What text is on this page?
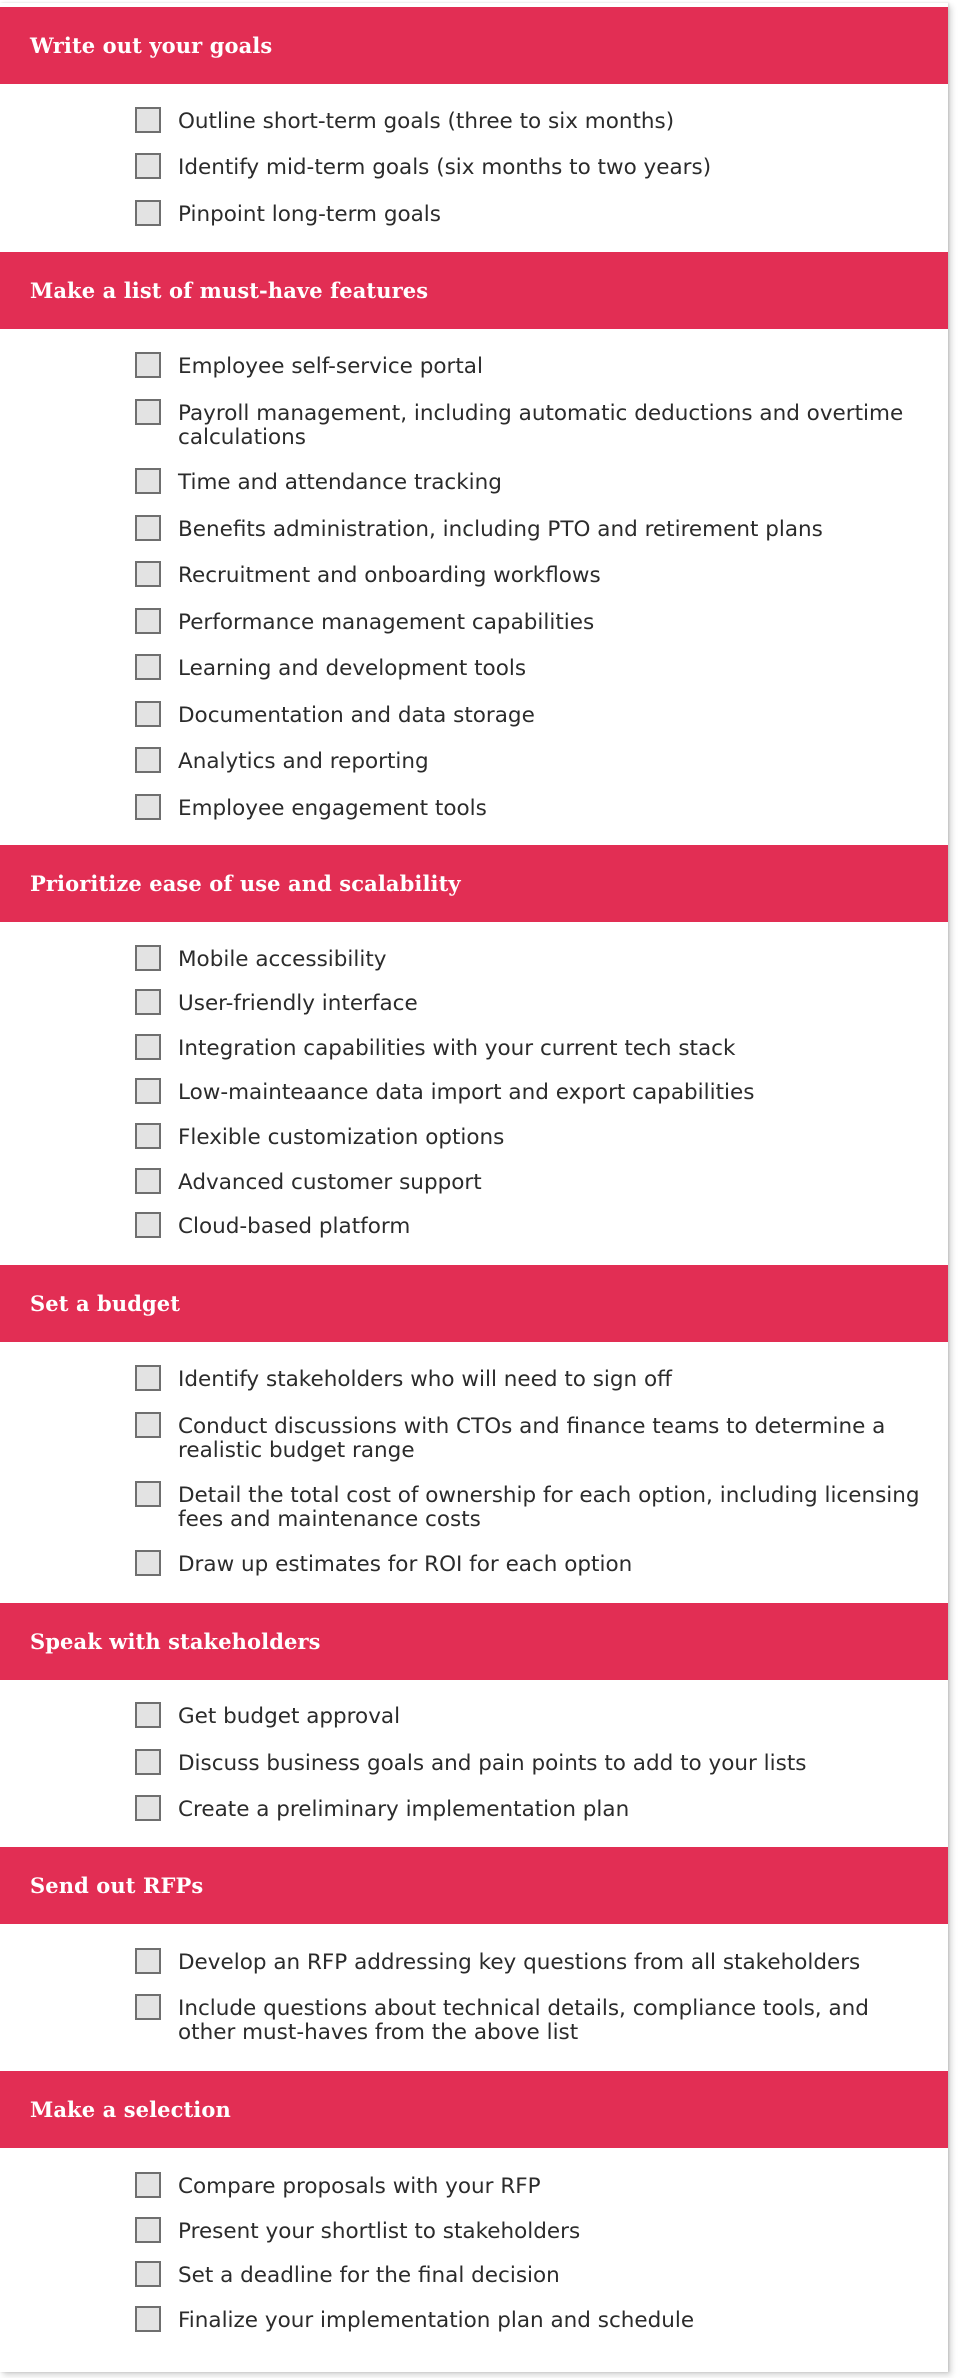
Write out your goals
Outline short-term goals (three to six months)
Identify mid-term goals (six months to two years)
Pinpoint long-term goals
Make a list of must-have features
Employee self-service portal
Payroll management, including automatic deductions and overtime calculations
Time and attendance tracking
Benefits administration, including PTO and retirement plans
Recruitment and onboarding workflows
Performance management capabilities
Learning and development tools
Documentation and data storage
Analytics and reporting
Employee engagement tools
Prioritize ease of use and scalability
Mobile accessibility
User-friendly interface
Integration capabilities with your current tech stack
Low-mainteaance data import and export capabilities
Flexible customization options
Advanced customer support
Cloud-based platform
Set a budget
Identify stakeholders who will need to sign off
Conduct discussions with CTOs and finance teams to determine a realistic budget range
Detail the total cost of ownership for each option, including licensing fees and maintenance costs
Draw up estimates for ROI for each option
Speak with stakeholders
Get budget approval
Discuss business goals and pain points to add to your lists
Create a preliminary implementation plan
Send out RFPs
Develop an RFP addressing key questions from all stakeholders
Include questions about technical details, compliance tools, and other must-haves from the above list
Make a selection
Compare proposals with your RFP
Present your shortlist to stakeholders
Set a deadline for the final decision
Finalize your implementation plan and schedule
